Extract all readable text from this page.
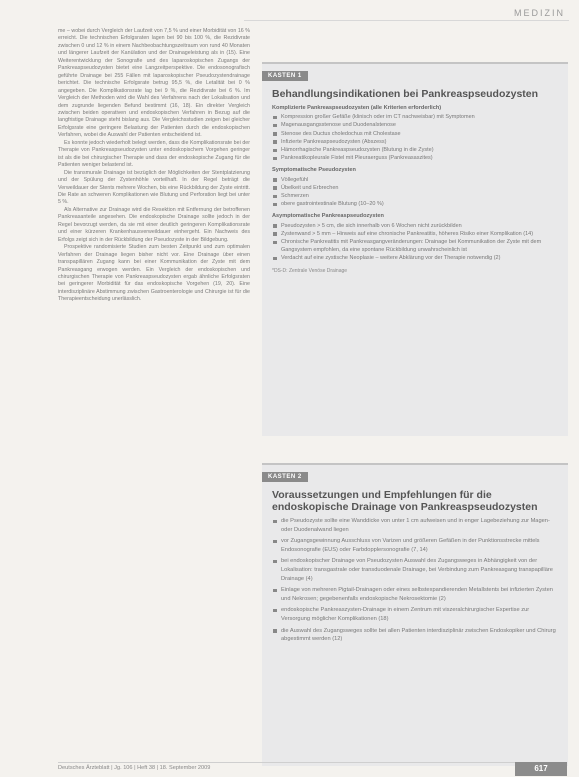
MEDIZIN

me – wobei durch Vergleich der Laufzeit von 7,5 % und einer Morbidität von 16 % erreicht. Die technischen Erfolgsraten lagen bei 90 bis 100 %, die Rezidivrate zwischen 0 und 12 % in einem Nachbeobachtungszeitraum von rund 40 Monaten und längerer Laufzeit der Kanülation und der Drainageleistung als in (15). Eine Weiterentwicklung der Sonografie und des laparoskopischen Zugangs der Pankreaspseudozysten bietet eine Langzeitperspektive. Die endosonografisch geführte Drainage bei 255 Fällen mit laparoskopischer Pseudozystendrainage berichtet. Die technische Erfolgsrate betrug 95,5 %, die Letalität bei 0 % angegeben. Die Komplikationsrate lag bei 9 %, die Rezidivrate bei 6 %. Im Vergleich der Methoden wird die Wahl des Verfahrens nach der Lokalisation und dem zugrunde liegenden Befund bestimmt (16, 18). Ein direkter Vergleich zwischen beiden operativen und endoskopischen Verfahren in Bezug auf die langfristige Drainage steht bislang aus. Die Vergleichsstudien zeigen bei gleicher Erfolgsrate eine geringere Belastung der Patienten durch die endoskopischen Verfahren, wobei die Auswahl der Patienten entscheidend ist.

Es konnte jedoch wiederholt belegt werden, dass die Komplikationsrate bei der Therapie von Pankreaspseudozysten unter endoskopischem Vorgehen geringer ist als die bei chirurgischer Therapie und dass der endoskopische Zugang für die Patienten weniger belastend ist.

Die transmurale Drainage ist bezüglich der Möglichkeiten der Stentplatzierung und der Spülung der Zystenhöhle vorteilhaft. In der Regel beträgt die Verweildauer der Stents mehrere Wochen, bis eine Rückbildung der Zyste eintritt. Die Rate an schweren Komplikationen wie Blutung und Perforation liegt bei unter 5 %.

Als Alternative zur Drainage wird die Resektion mit Entfernung der betroffenen Pankreasanteile angesehen. Die endoskopische Drainage sollte jedoch in der Regel bevorzugt werden, da sie mit einer deutlich geringeren Komplikationsrate und einer kürzeren Krankenhausverweildauer einhergeht. Ein Nachweis des Erfolgs zeigt sich in der Rückbildung der Pseudozyste in der Bildgebung.

Prospektive randomisierte Studien zum besten Zeitpunkt und zum optimalen Verfahren der Drainage liegen bisher nicht vor. Eine Drainage über einen transpapillären Zugang kann bei einer Kommunikation der Zyste mit dem Pankreasgang erwogen werden. Ein Vergleich der endoskopischen und chirurgischen Therapie von Pankreaspseudozysten ergab ähnliche Erfolgsraten bei geringerer Morbidität für das endoskopische Vorgehen (19, 20). Eine interdisziplinäre Abstimmung zwischen Gastroenterologie und Chirurgie ist für die Therapieentscheidung unerlässlich.

KASTEN 1
Behandlungsindikationen bei Pankreaspseudozysten
Komplizierte Pankreaspseudozysten (alle Kriterien erforderlich)
Kompression großer Gefäße (klinisch oder im CT nachweisbar) mit Symptomen
Magenausgangsstenose und Duodenalstenose
Stenose des Ductus choledochus mit Cholestase
Infizierte Pankreaspseudozysten (Abszess)
Hämorrhagische Pankreaspseudozysten (Blutung in die Zyste)
Pankreatikopleurale Fistel mit Pleuraerguss (Pankreasaszites)
Symptomatische Pseudozysten
Völlegefühl
Übelkeit und Erbrechen
Schmerzen
obere gastrointestinale Blutung (10–20 %)
Asymptomatische Pankreaspseudozysten
Pseudozysten > 5 cm, die sich innerhalb von 6 Wochen nicht zurückbilden
Zystenwand > 5 mm – Hinweis auf eine chronische Pankreatitis, höheres Risiko einer Komplikation (14)
Chronische Pankreatitis mit Pankreasgangveränderungen: Drainage bei Kommunikation der Zyste mit dem Gangsystem empfohlen, da eine spontane Rückbildung unwahrscheinlich ist
Verdacht auf eine zystische Neoplasie – weitere Abklärung vor der Therapie notwendig (2)
*DS-D: Zentrale Venöse Drainage
KASTEN 2
Voraussetzungen und Empfehlungen für die endoskopische Drainage von Pankreaspseudozysten
die Pseudozyste sollte eine Wanddicke von unter 1 cm aufweisen und in enger Lagebeziehung zur Magen- oder Duodenalwand liegen
vor Zugangsgewinnung Ausschluss von Varizen und größeren Gefäßen in der Punktionsstrecke mittels Endosonografie (EUS) oder Farbdopplersonografie (7, 14)
bei endoskopischer Drainage von Pseudozysten Auswahl des Zugangsweges in Abhängigkeit von der Lokalisation: transgastrale oder transduodenale Drainage, bei Verbindung zum Pankreasgang transpapilläre Drainage (4)
Einlage von mehreren Pigtail-Drainagen oder eines selbstexpandierenden Metallstents bei infizierten Zysten und Nekrosen; gegebenenfalls endoskopische Nekrosektomie (2)
endoskopische Pankreaszysten-Drainage in einem Zentrum mit viszeralchirurgischer Expertise zur Versorgung möglicher Komplikationen (18)
die Auswahl des Zugangsweges sollte bei allen Patienten interdisziplinär zwischen Endoskopiker und Chirurg abgestimmt werden (12)
Deutsches Ärzteblatt | Jg. 106 | Heft 38 | 18. September 2009	617
